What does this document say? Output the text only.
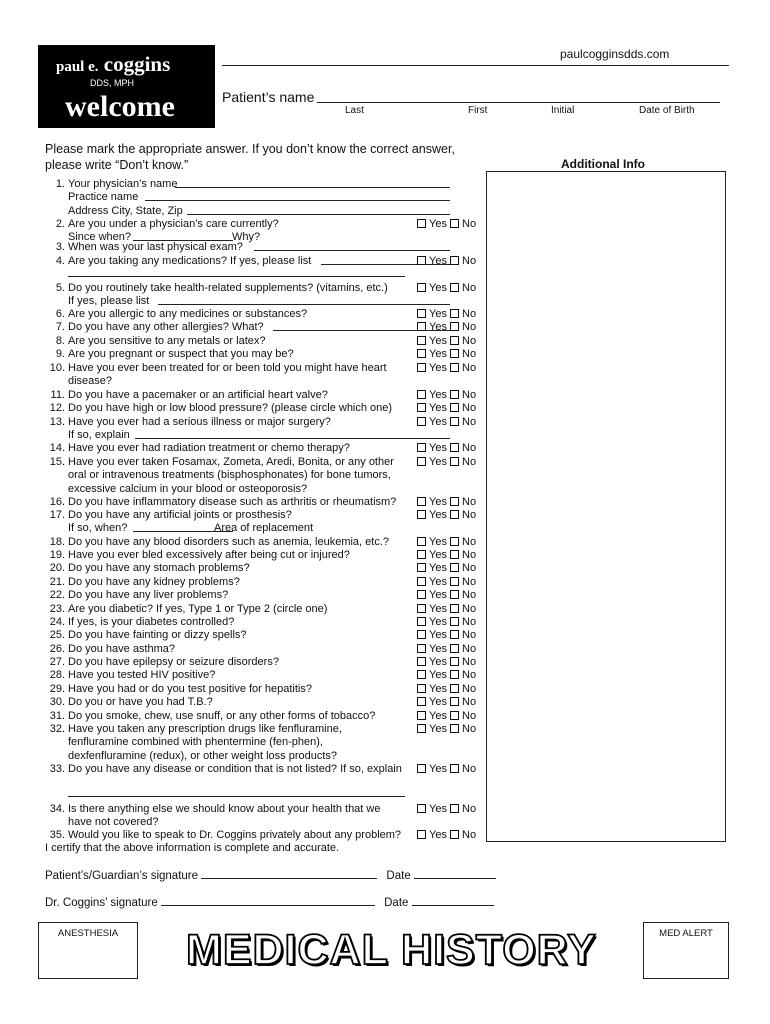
paul e. coggins
DDS, MPH
welcome
paulcogginsdds.com
Patient’s name
Last	First	Initial	Date of Birth
Please mark the appropriate answer. If you don’t know the correct answer, please write “Don’t know.”	Additional Info
1. Your physician’s name
Practice name
Address City, State, Zip
2. Are you under a physician’s care currently?	Yes No
Since when?	Why?
3. When was your last physical exam?
4. Are you taking any medications? If yes, please list	Yes No
5. Do you routinely take health-related supplements? (vitamins, etc.)	Yes No
If yes, please list
6. Are you allergic to any medicines or substances?	Yes No
7. Do you have any other allergies? What?	Yes No
8. Are you sensitive to any metals or latex?	Yes No
9. Are you pregnant or suspect that you may be?	Yes No
10. Have you ever been treated for or been told you might have heart	Yes No
disease?
11. Do you have a pacemaker or an artificial heart valve?	Yes No
12. Do you have high or low blood pressure? (please circle which one)	Yes No
13. Have you ever had a serious illness or major surgery?	Yes No
If so, explain
14. Have you ever had radiation treatment or chemo therapy?	Yes No
15. Have you ever taken Fosamax, Zometa, Aredi, Bonita, or any other	Yes No
oral or intravenous treatments (bisphosphonates) for bone tumors,
excessive calcium in your blood or osteoporosis?
16. Do you have inflammatory disease such as arthritis or rheumatism?	Yes No
17. Do you have any artificial joints or prosthesis?	Yes No
If so, when?	Area of replacement
18. Do you have any blood disorders such as anemia, leukemia, etc.?	Yes No
19. Have you ever bled excessively after being cut or injured?	Yes No
20. Do you have any stomach problems?	Yes No
21. Do you have any kidney problems?	Yes No
22. Do you have any liver problems?	Yes No
23. Are you diabetic? If yes, Type 1 or Type 2 (circle one)	Yes No
24. If yes, is your diabetes controlled?	Yes No
25. Do you have fainting or dizzy spells?	Yes No
26. Do you have asthma?	Yes No
27. Do you have epilepsy or seizure disorders?	Yes No
28. Have you tested HIV positive?	Yes No
29. Have you had or do you test positive for hepatitis?	Yes No
30. Do you or have you had T.B.?	Yes No
31. Do you smoke, chew, use snuff, or any other forms of tobacco?	Yes No
32. Have you taken any prescription drugs like fenfluramine,	Yes No
fenfluramine combined with phentermine (fen-phen),
dexfenfluramine (redux), or other weight loss products?
33. Do you have any disease or condition that is not listed? If so, explain	Yes No
34. Is there anything else we should know about your health that we	Yes No
have not covered?
35. Would you like to speak to Dr. Coggins privately about any problem?	Yes No
I certify that the above information is complete and accurate.
Patient’s/Guardian’s signature	Date
Dr. Coggins’ signature	Date
ANESTHESIA	MEDICAL HISTORY	MED ALERT
